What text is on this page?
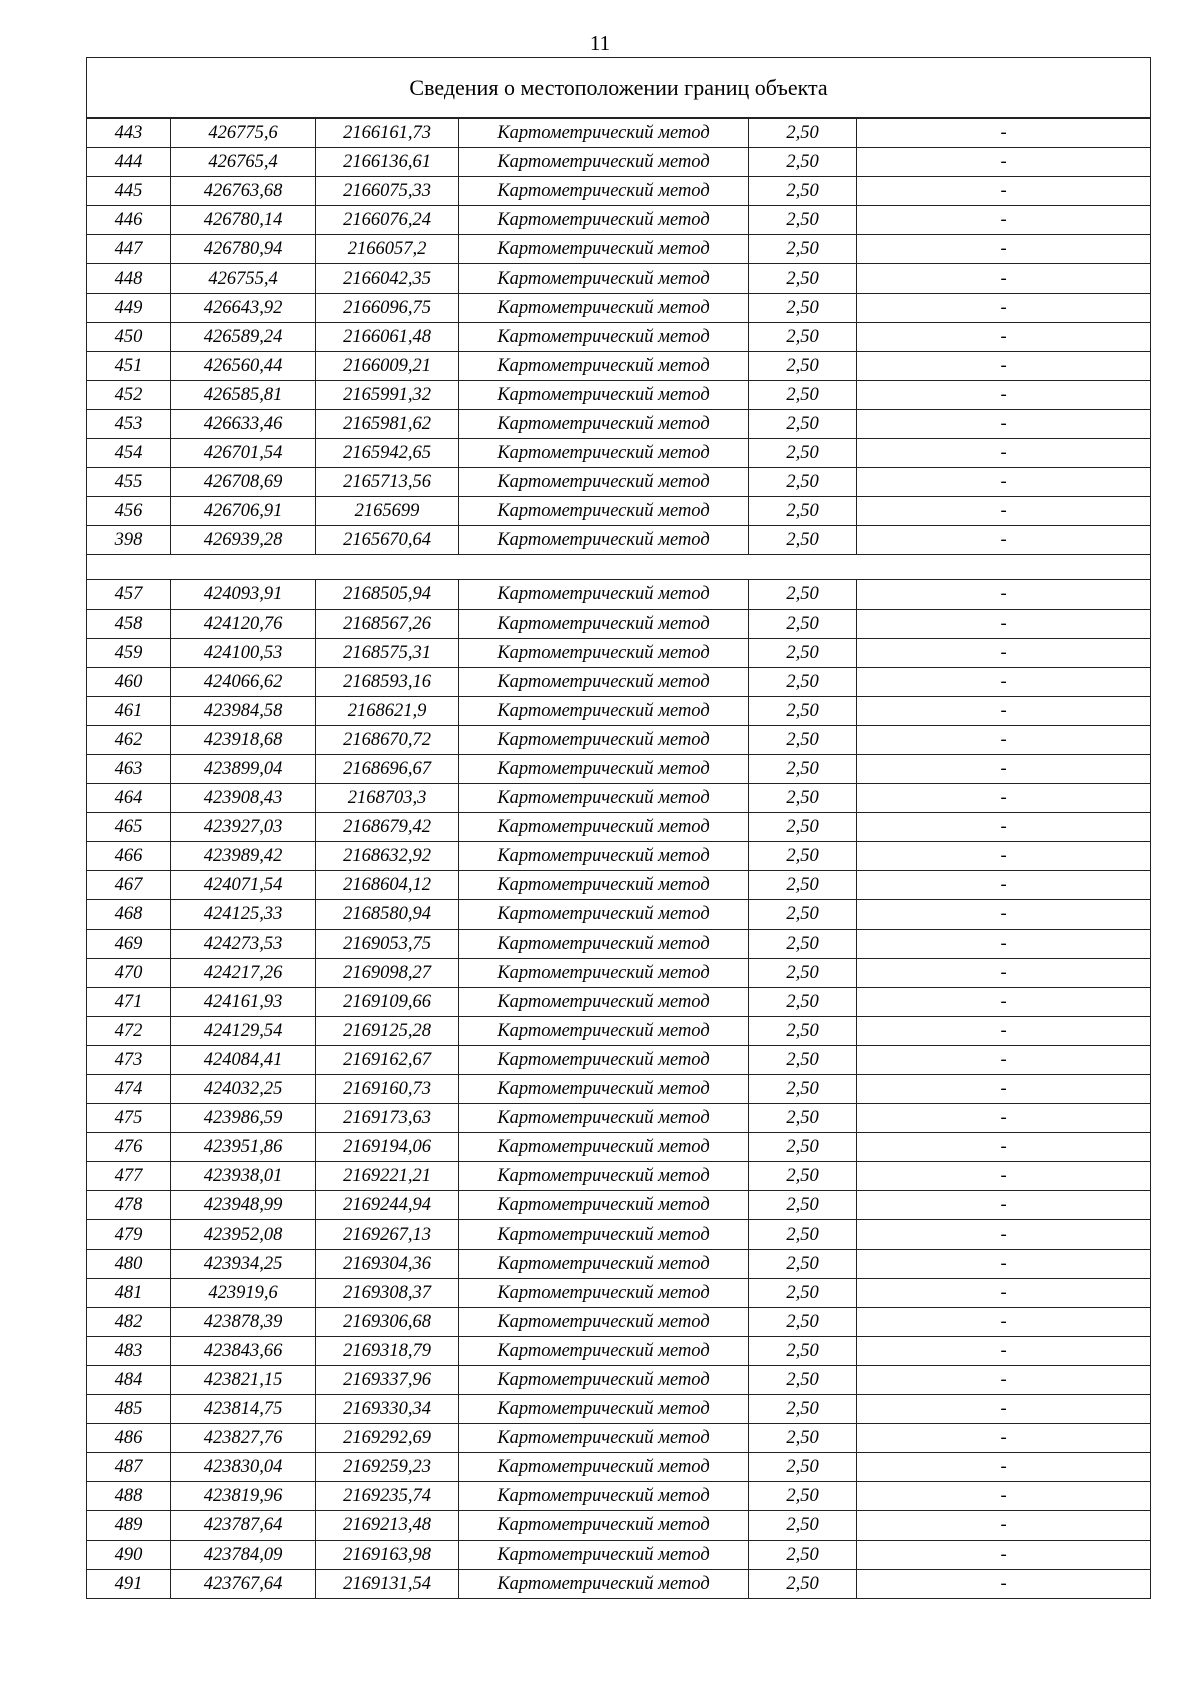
11
Сведения о местоположении границ объекта					
443	426775,6	2166161,73	Картометрический метод	2,50	-
444	426765,4	2166136,61	Картометрический метод	2,50	-
445	426763,68	2166075,33	Картометрический метод	2,50	-
446	426780,14	2166076,24	Картометрический метод	2,50	-
447	426780,94	2166057,2	Картометрический метод	2,50	-
448	426755,4	2166042,35	Картометрический метод	2,50	-
449	426643,92	2166096,75	Картометрический метод	2,50	-
450	426589,24	2166061,48	Картометрический метод	2,50	-
451	426560,44	2166009,21	Картометрический метод	2,50	-
452	426585,81	2165991,32	Картометрический метод	2,50	-
453	426633,46	2165981,62	Картометрический метод	2,50	-
454	426701,54	2165942,65	Картометрический метод	2,50	-
455	426708,69	2165713,56	Картометрический метод	2,50	-
456	426706,91	2165699	Картометрический метод	2,50	-
398	426939,28	2165670,64	Картометрический метод	2,50	-

457	424093,91	2168505,94	Картометрический метод	2,50	-
458	424120,76	2168567,26	Картометрический метод	2,50	-
459	424100,53	2168575,31	Картометрический метод	2,50	-
460	424066,62	2168593,16	Картометрический метод	2,50	-
461	423984,58	2168621,9	Картометрический метод	2,50	-
462	423918,68	2168670,72	Картометрический метод	2,50	-
463	423899,04	2168696,67	Картометрический метод	2,50	-
464	423908,43	2168703,3	Картометрический метод	2,50	-
465	423927,03	2168679,42	Картометрический метод	2,50	-
466	423989,42	2168632,92	Картометрический метод	2,50	-
467	424071,54	2168604,12	Картометрический метод	2,50	-
468	424125,33	2168580,94	Картометрический метод	2,50	-
469	424273,53	2169053,75	Картометрический метод	2,50	-
470	424217,26	2169098,27	Картометрический метод	2,50	-
471	424161,93	2169109,66	Картометрический метод	2,50	-
472	424129,54	2169125,28	Картометрический метод	2,50	-
473	424084,41	2169162,67	Картометрический метод	2,50	-
474	424032,25	2169160,73	Картометрический метод	2,50	-
475	423986,59	2169173,63	Картометрический метод	2,50	-
476	423951,86	2169194,06	Картометрический метод	2,50	-
477	423938,01	2169221,21	Картометрический метод	2,50	-
478	423948,99	2169244,94	Картометрический метод	2,50	-
479	423952,08	2169267,13	Картометрический метод	2,50	-
480	423934,25	2169304,36	Картометрический метод	2,50	-
481	423919,6	2169308,37	Картометрический метод	2,50	-
482	423878,39	2169306,68	Картометрический метод	2,50	-
483	423843,66	2169318,79	Картометрический метод	2,50	-
484	423821,15	2169337,96	Картометрический метод	2,50	-
485	423814,75	2169330,34	Картометрический метод	2,50	-
486	423827,76	2169292,69	Картометрический метод	2,50	-
487	423830,04	2169259,23	Картометрический метод	2,50	-
488	423819,96	2169235,74	Картометрический метод	2,50	-
489	423787,64	2169213,48	Картометрический метод	2,50	-
490	423784,09	2169163,98	Картометрический метод	2,50	-
491	423767,64	2169131,54	Картометрический метод	2,50	-
